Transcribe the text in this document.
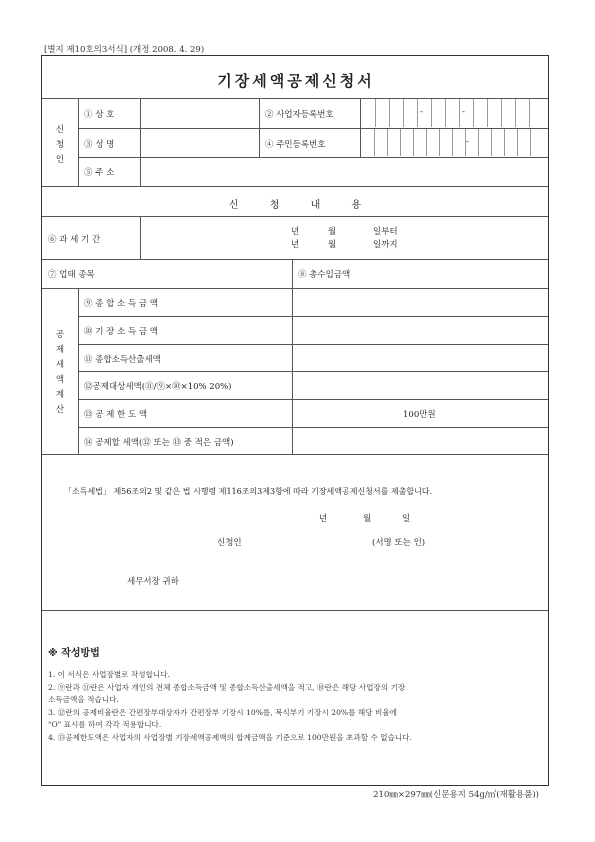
[별지 제10호의3서식] (개정 2008. 4. 29)
기장세액공제신청서
신
청
인
① 상 호	② 사업자등록번호	-	-
③ 성 명	④ 주민등록번호	-
⑤ 주 소
신 청 내 용
⑥ 과 세 기 간
년	월	일부터
년	월	일까지
⑦ 업태 종목	⑧ 총수입금액
공
제
세
액
계
산
⑨ 종 합 소 득 금 액
⑩ 기 장 소 득 금 액
⑪ 종합소득산출세액
⑫공제대상세액(⑪/⑨×⑩×10% 20%)
⑬ 공 제 한 도 액	100만원
⑭ 공제할 세액(⑫ 또는 ⑬ 중 적은 금액)
「소득세법」 제56조의2 및 같은 법 시행령 제116조의3제3항에 따라 기장세액공제신청서를 제출합니다.
년	월	일
신청인	(서명 또는 인)
세무서장 귀하
※ 작성방법
1. 이 서식은 사업장별로 작성합니다.
2. ⑨란과 ⑪란은 사업자 개인의 전체 종합소득금액 및 종합소득산출세액을 적고, ⑩란은 해당 사업장의 기장
소득금액을 적습니다.
3. ⑫란의 공제비율란은 간편장부대상자가 간편장부 기장시 10%를, 복식부기 기장시 20%를 해당 비율에
"O" 표시를 하여 각각 적용합니다.
4. ⑬공제한도액은 사업자의 사업장별 기장세액공제액의 합계금액을 기준으로 100만원을 초과할 수 없습니다.
210㎜×297㎜(신문용지 54g/㎡(재활용품))
